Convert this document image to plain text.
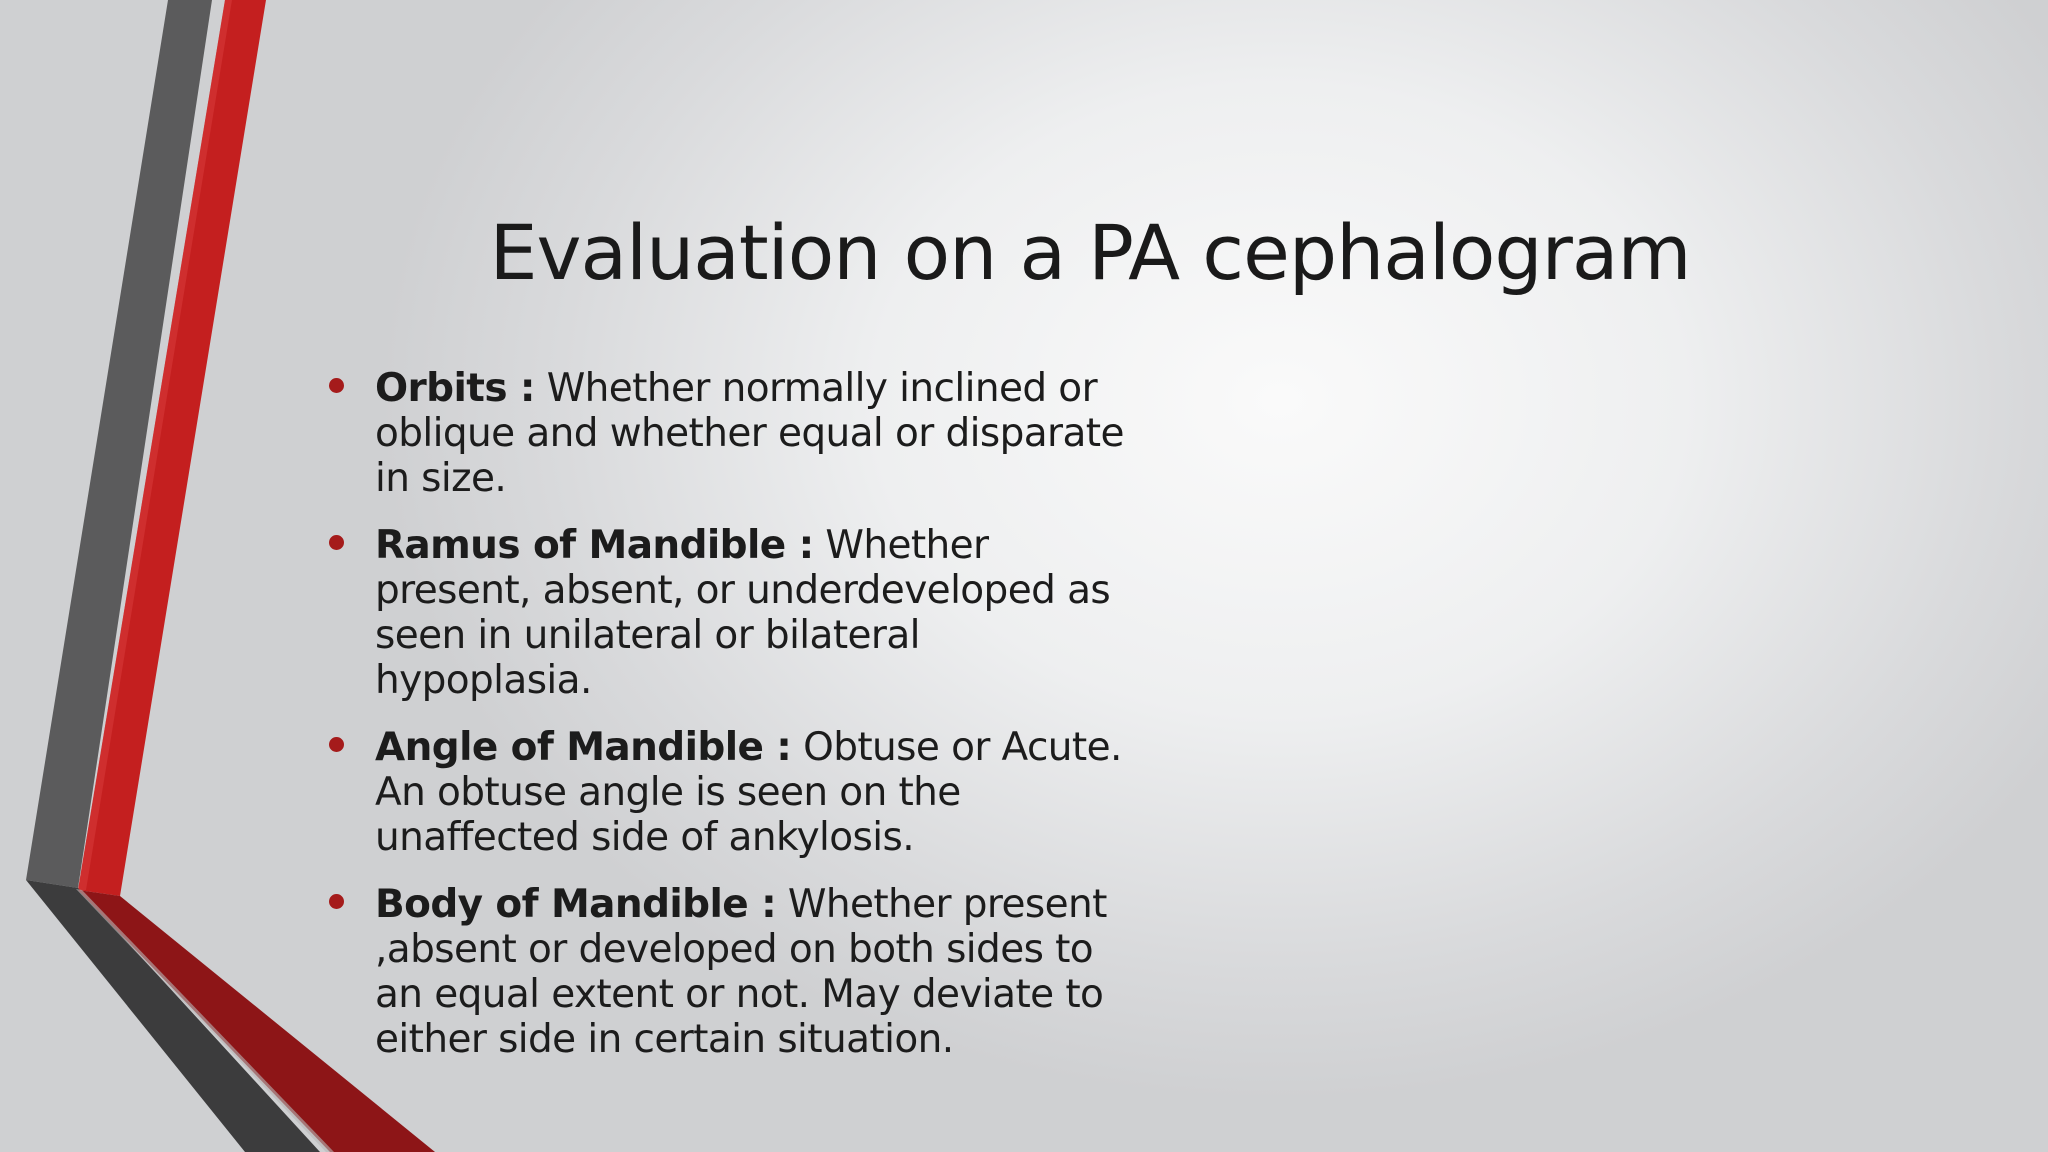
Evaluation on a PA cephalogram
Orbits : Whether normally inclined or oblique and whether equal or disparate in size.
Ramus of Mandible : Whether present, absent, or underdeveloped as seen in unilateral or bilateral hypoplasia.
Angle of Mandible : Obtuse or Acute. An obtuse angle is seen on the unaffected side of ankylosis.
Body of Mandible : Whether present ,absent or developed on both sides to an equal extent or not. May deviate to either side in certain situation.
